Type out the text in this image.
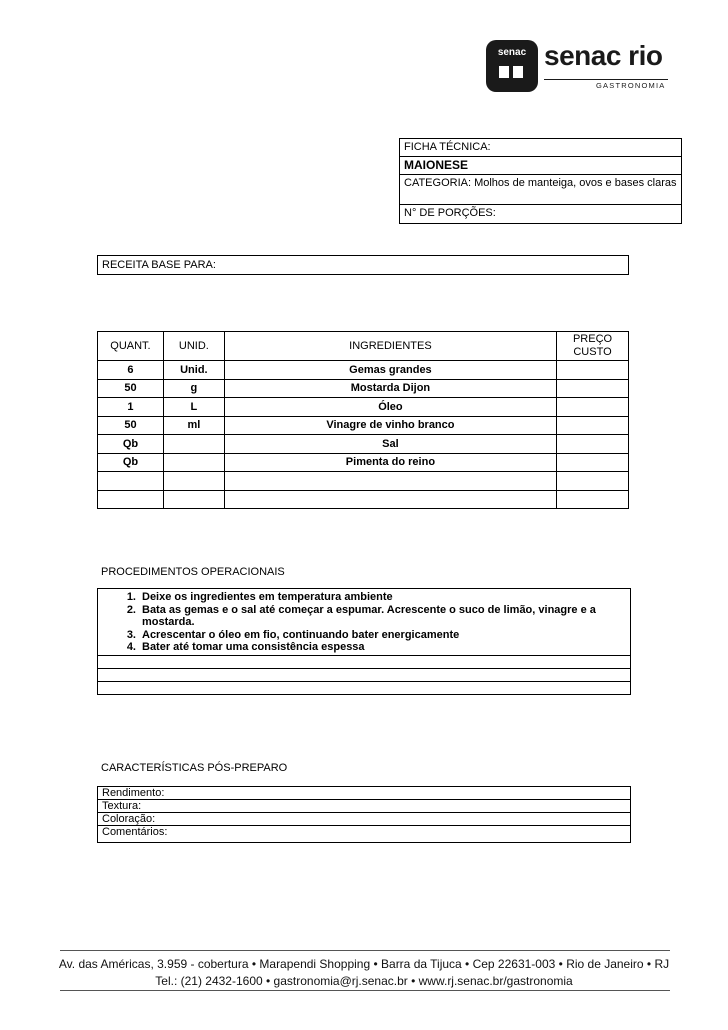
senac senac rio
GASTRONOMIA
FICHA TÉCNICA:
MAIONESE
CATEGORIA: Molhos de manteiga, ovos e bases claras
N° DE PORÇÕES:
RECEITA BASE PARA:
QUANT.	UNID.	INGREDIENTES	PREÇO CUSTO
6	Unid.	Gemas grandes	
50	g	Mostarda Dijon	
1	L	Óleo	
50	ml	Vinagre de vinho branco	
Qb		Sal	
Qb		Pimenta do reino	

PROCEDIMENTOS OPERACIONAIS
1. Deixe os ingredientes em temperatura ambiente
2. Bata as gemas e o sal até começar a espumar. Acrescente o suco de limão, vinagre e a mostarda.
3. Acrescentar o óleo em fio, continuando bater energicamente
4. Bater até tomar uma consistência espessa
CARACTERÍSTICAS PÓS-PREPARO
Rendimento:
Textura:
Coloração:
Comentários:
Av. das Américas, 3.959 - cobertura • Marapendi Shopping • Barra da Tijuca • Cep 22631-003 • Rio de Janeiro • RJ
Tel.: (21) 2432-1600 • gastronomia@rj.senac.br • www.rj.senac.br/gastronomia
